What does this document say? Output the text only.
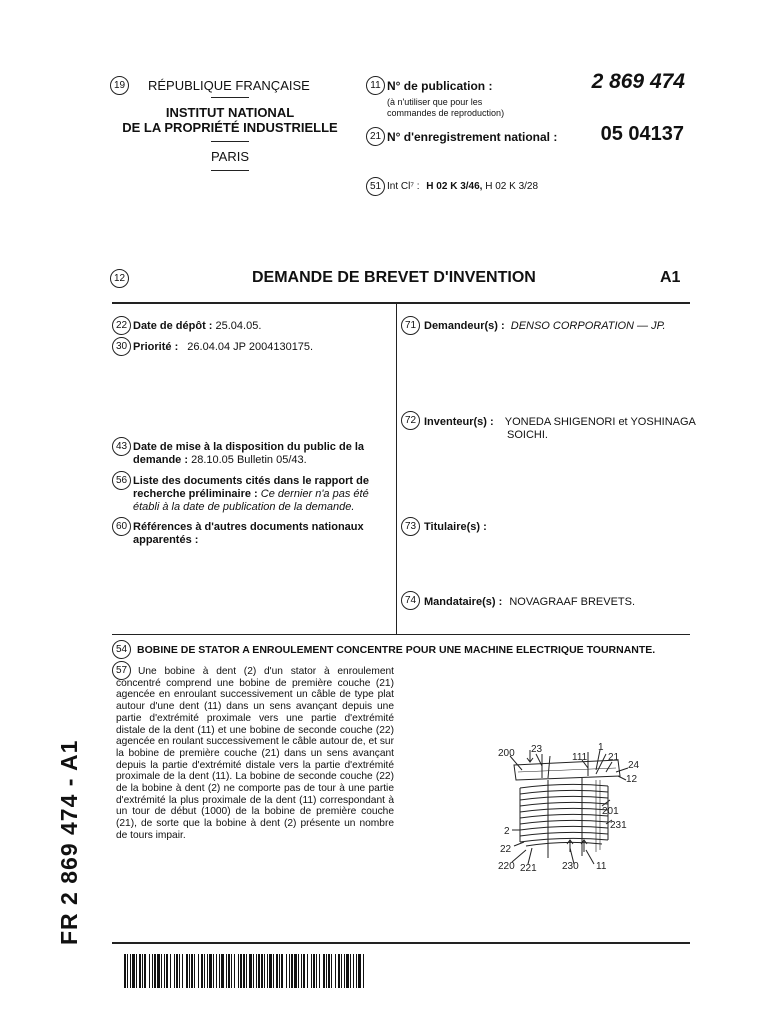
19	RÉPUBLIQUE FRANÇAISE
INSTITUT NATIONAL
DE LA PROPRIÉTÉ INDUSTRIELLE
PARIS
11 N° de publication :	2 869 474
(à n'utiliser que pour les
commandes de reproduction)
21 N° d'enregistrement national :	05 04137
51 Int Cl⁷ : H 02 K 3/46, H 02 K 3/28
12	DEMANDE DE BREVET D'INVENTION	A1
22 Date de dépôt : 25.04.05.
30 Priorité : 26.04.04 JP 2004130175.
43 Date de mise à la disposition du public de la
demande : 28.10.05 Bulletin 05/43.
56 Liste des documents cités dans le rapport de
recherche préliminaire : Ce dernier n'a pas été
établi à la date de publication de la demande.
60 Références à d'autres documents nationaux
apparentés :
71 Demandeur(s) : DENSO CORPORATION — JP.
72 Inventeur(s) : YONEDA SHIGENORI et YOSHINAGA
SOICHI.
73 Titulaire(s) :
74 Mandataire(s) : NOVAGRAAF BREVETS.
54 BOBINE DE STATOR A ENROULEMENT CONCENTRE POUR UNE MACHINE ELECTRIQUE TOURNANTE.
57	Une bobine à dent (2) d'un stator à enroulement concentré comprend une bobine de première couche (21) agencée en enroulant successivement un câble de type plat autour d'une dent (11) dans un sens avançant depuis une partie d'extrémité proximale vers une partie d'extrémité distale de la dent (11) et une bobine de seconde couche (22) agencée en roulant successivement le câble autour de, et sur la bobine de première couche (21) dans un sens avançant depuis la partie d'extrémité distale vers la partie d'extrémité proximale de la dent (11). La bobine de seconde couche (22) de la bobine à dent (2) ne comporte pas de tour à une partie d'extrémité la plus proximale de la dent (11) correspondant à un tour de début (1000) de la bobine de première couche (21), de sorte que la bobine à dent (2) présente un nombre de tours impair.
200 23
111
1
21
24
12
201
231
2
22
220 221	230 11
FR 2 869 474 - A1
